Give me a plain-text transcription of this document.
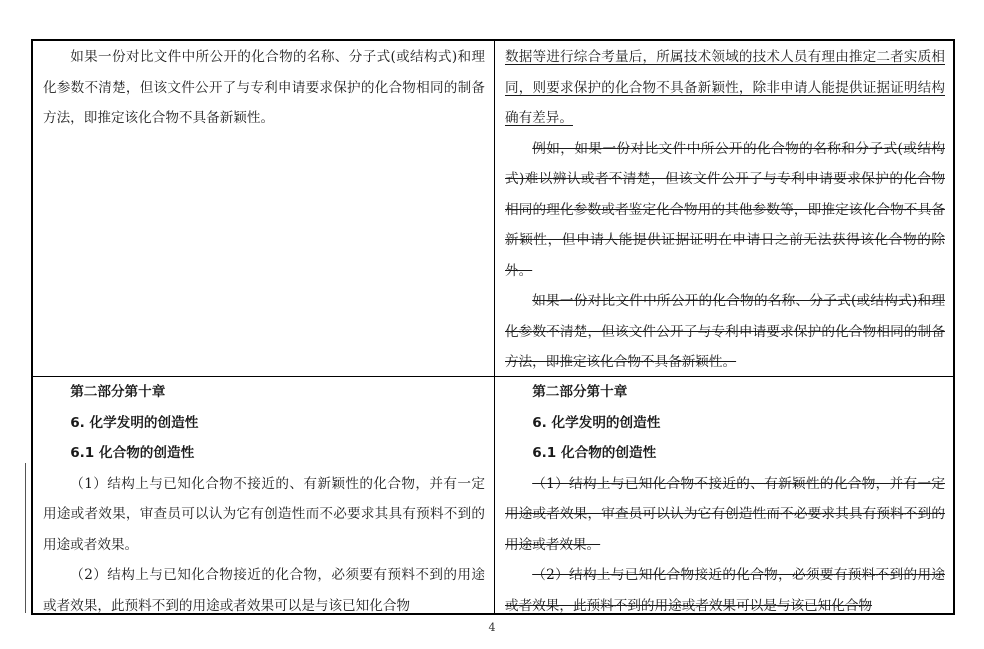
如果一份对比文件中所公开的化合物的名称、分子式(或结构式)和理化参数不清楚，但该文件公开了与专利申请要求保护的化合物相同的制备方法，即推定该化合物不具备新颖性。

数据等进行综合考量后，所属技术领域的技术人员有理由推定二者实质相同，则要求保护的化合物不具备新颖性，除非申请人能提供证据证明结构确有差异。

例如，如果一份对比文件中所公开的化合物的名称和分子式(或结构式)难以辨认或者不清楚，但该文件公开了与专利申请要求保护的化合物相同的理化参数或者鉴定化合物用的其他参数等，即推定该化合物不具备新颖性，但申请人能提供证据证明在申请日之前无法获得该化合物的除外。

如果一份对比文件中所公开的化合物的名称、分子式(或结构式)和理化参数不清楚，但该文件公开了与专利申请要求保护的化合物相同的制备方法，即推定该化合物不具备新颖性。

第二部分第十章

6. 化学发明的创造性

6.1 化合物的创造性

（1）结构上与已知化合物不接近的、有新颖性的化合物，并有一定用途或者效果，审查员可以认为它有创造性而不必要求其具有预料不到的用途或者效果。

（2）结构上与已知化合物接近的化合物，必须要有预料不到的用途或者效果，此预料不到的用途或者效果可以是与该已知化合物

第二部分第十章

6. 化学发明的创造性

6.1 化合物的创造性

（1）结构上与已知化合物不接近的、有新颖性的化合物，并有一定用途或者效果，审查员可以认为它有创造性而不必要求其具有预料不到的用途或者效果。

（2）结构上与已知化合物接近的化合物，必须要有预料不到的用途或者效果，此预料不到的用途或者效果可以是与该已知化合物

4
